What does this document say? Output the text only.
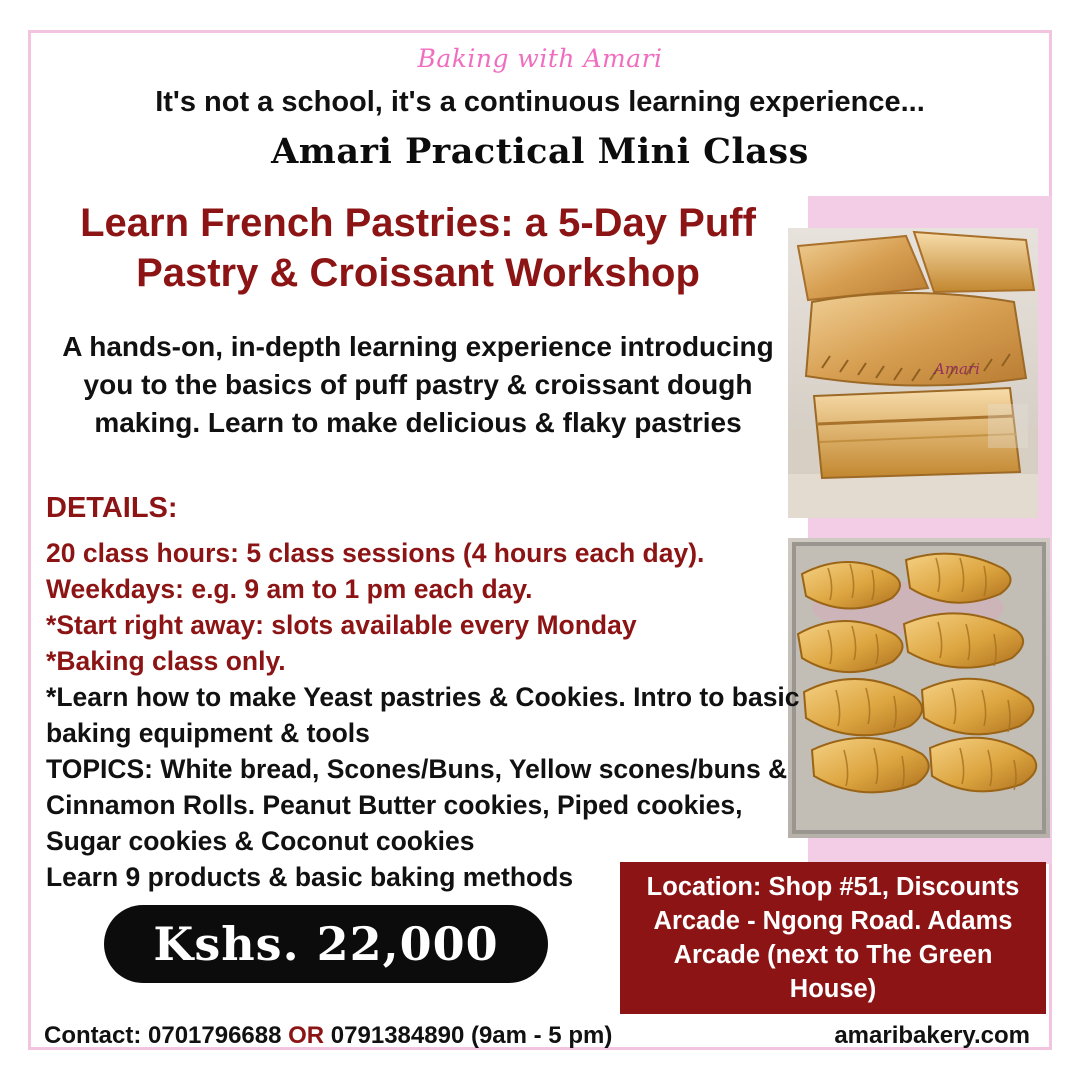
Amari
Baking with Amari
It's not a school, it's a continuous learning experience...
Amari Practical Mini Class
Learn French Pastries: a 5-Day Puff Pastry & Croissant Workshop
A hands-on, in-depth learning experience introducing you to the basics of puff pastry & croissant dough making. Learn to make delicious & flaky pastries
DETAILS:
20 class hours: 5 class sessions (4 hours each day).
Weekdays: e.g. 9 am to 1 pm each day.
*Start right away: slots available every Monday
*Baking class only.
*Learn how to make Yeast pastries & Cookies. Intro to basic baking equipment & tools
TOPICS: White bread, Scones/Buns, Yellow scones/buns & Cinnamon Rolls. Peanut Butter cookies, Piped cookies, Sugar cookies & Coconut cookies
Learn 9 products & basic baking methods
Kshs. 22,000
Location: Shop #51, Discounts Arcade - Ngong Road. Adams Arcade (next to The Green House)
Contact: 0701796688 OR 0791384890 (9am - 5 pm)	amaribakery.com
